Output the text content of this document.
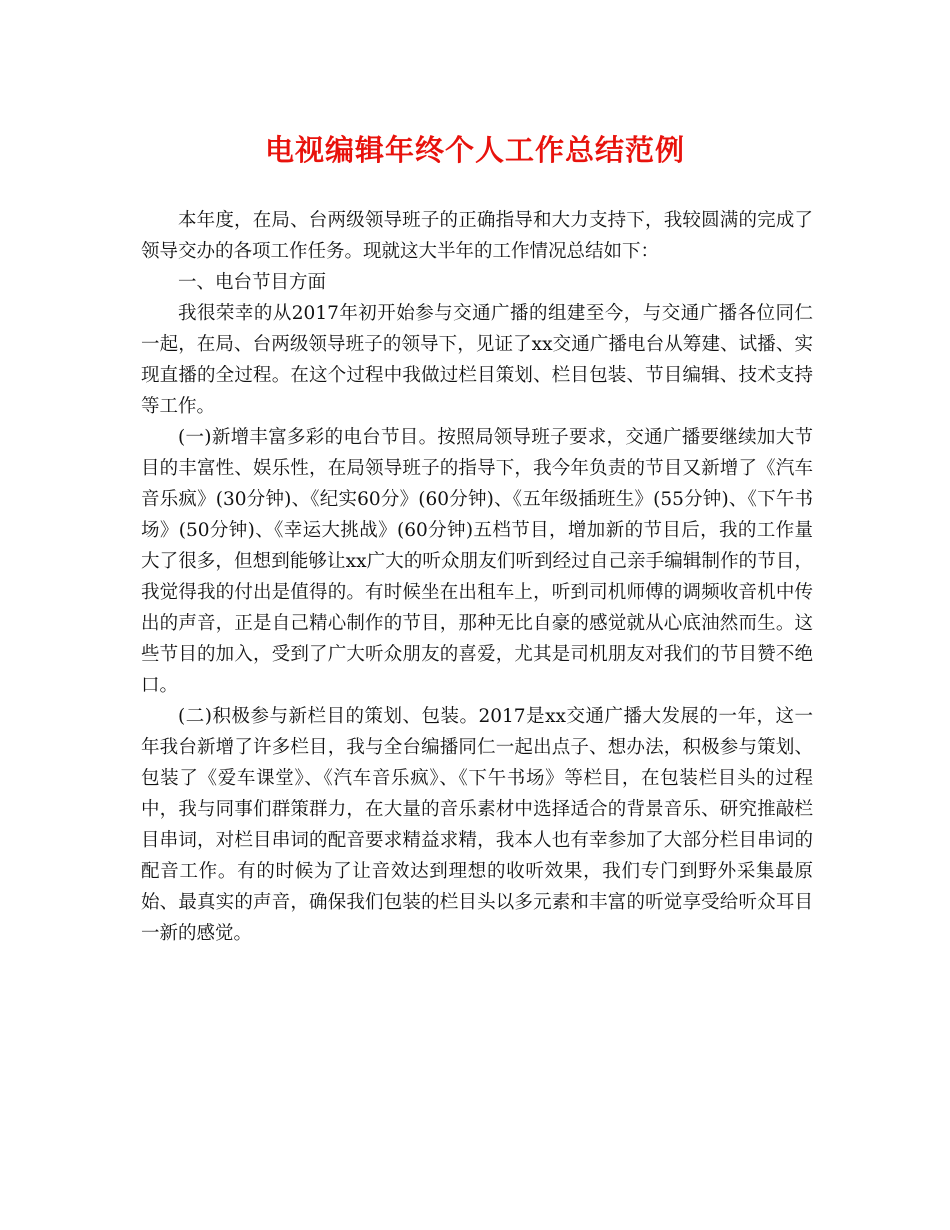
电视编辑年终个人工作总结范例

本年度，在局、台两级领导班子的正确指导和大力支持下，我较圆满的完成了领导交办的各项工作任务。现就这大半年的工作情况总结如下：

一、电台节目方面

我很荣幸的从2017年初开始参与交通广播的组建至今，与交通广播各位同仁一起，在局、台两级领导班子的领导下，见证了xx交通广播电台从筹建、试播、实现直播的全过程。在这个过程中我做过栏目策划、栏目包装、节目编辑、技术支持等工作。

(一)新增丰富多彩的电台节目。按照局领导班子要求，交通广播要继续加大节目的丰富性、娱乐性，在局领导班子的指导下，我今年负责的节目又新增了《汽车音乐疯》(30分钟)、《纪实60分》(60分钟)、《五年级插班生》(55分钟)、《下午书场》(50分钟)、《幸运大挑战》(60分钟)五档节目，增加新的节目后，我的工作量大了很多，但想到能够让xx广大的听众朋友们听到经过自己亲手编辑制作的节目，我觉得我的付出是值得的。有时候坐在出租车上，听到司机师傅的调频收音机中传出的声音，正是自己精心制作的节目，那种无比自豪的感觉就从心底油然而生。这些节目的加入，受到了广大听众朋友的喜爱，尤其是司机朋友对我们的节目赞不绝口。

(二)积极参与新栏目的策划、包装。2017是xx交通广播大发展的一年，这一年我台新增了许多栏目，我与全台编播同仁一起出点子、想办法，积极参与策划、包装了《爱车课堂》、《汽车音乐疯》、《下午书场》等栏目，在包装栏目头的过程中，我与同事们群策群力，在大量的音乐素材中选择适合的背景音乐、研究推敲栏目串词，对栏目串词的配音要求精益求精，我本人也有幸参加了大部分栏目串词的配音工作。有的时候为了让音效达到理想的收听效果，我们专门到野外采集最原始、最真实的声音，确保我们包装的栏目头以多元素和丰富的听觉享受给听众耳目一新的感觉。
